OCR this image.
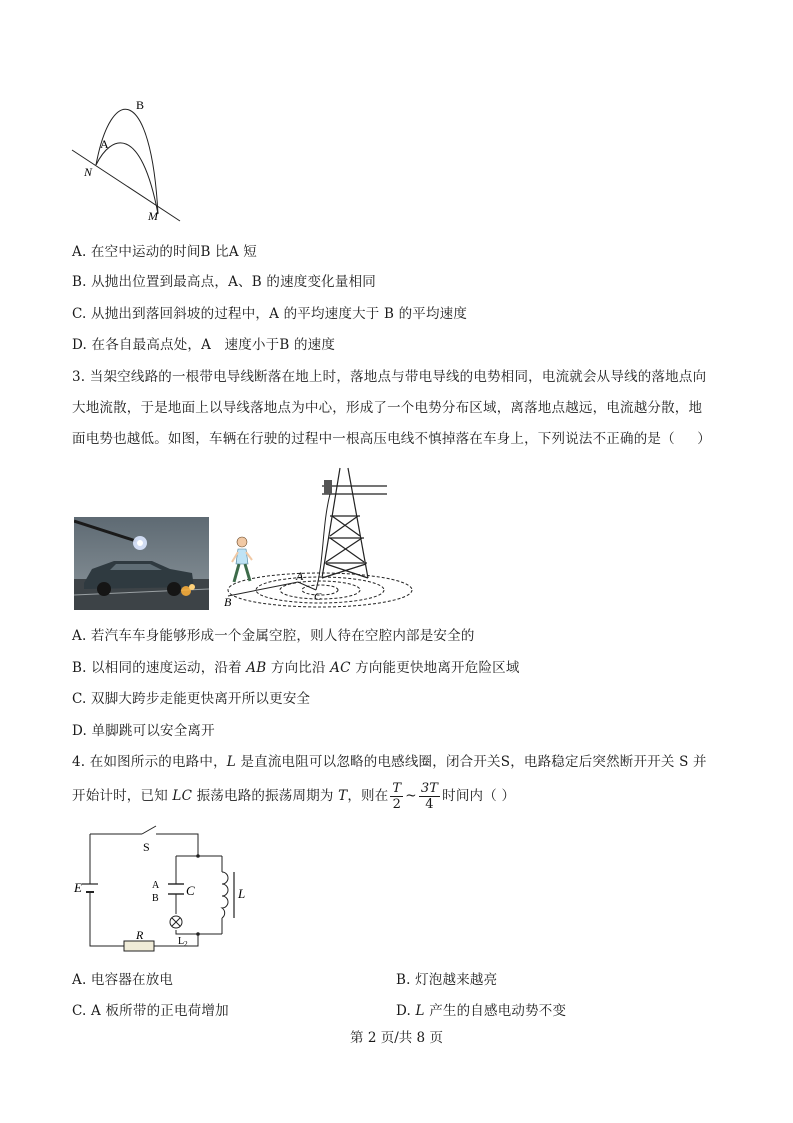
B
A
N
M
A. 在空中运动的时间B 比A 短
B. 从抛出位置到最高点，A、B 的速度变化量相同
C. 从抛出到落回斜坡的过程中，A 的平均速度大于 B 的平均速度
D. 在各自最高点处，A   速度小于B 的速度
3. 当架空线路的一根带电导线断落在地上时，落地点与带电导线的电势相同，电流就会从导线的落地点向
大地流散，于是地面上以导线落地点为中心，形成了一个电势分布区域，离落地点越远，电流越分散，地
面电势也越低。如图，车辆在行驶的过程中一根高压电线不慎掉落在车身上，下列说法不正确的是（     ）
B
A
C
A. 若汽车车身能够形成一个金属空腔，则人待在空腔内部是安全的
B. 以相同的速度运动，沿着 AB 方向比沿 AC 方向能更快地离开危险区域
C. 双脚大跨步走能更快离开所以更安全
D. 单脚跳可以安全离开
4. 在如图所示的电路中，L 是直流电阻可以忽略的电感线圈，闭合开关S，电路稳定后突然断开开关 S 并
开始计时，已知 LC 振荡电路的振荡周期为 T，则在 $\frac{T}{2}$ ~ $\frac{3T}{4}$ 时间内（ ）
S
E	A
B
C	L
R	$L_2$
A. 电容器在放电	B. 灯泡越来越亮
C. A 板所带的正电荷增加	D. L 产生的自感电动势不变
第 2 页/共 8 页
